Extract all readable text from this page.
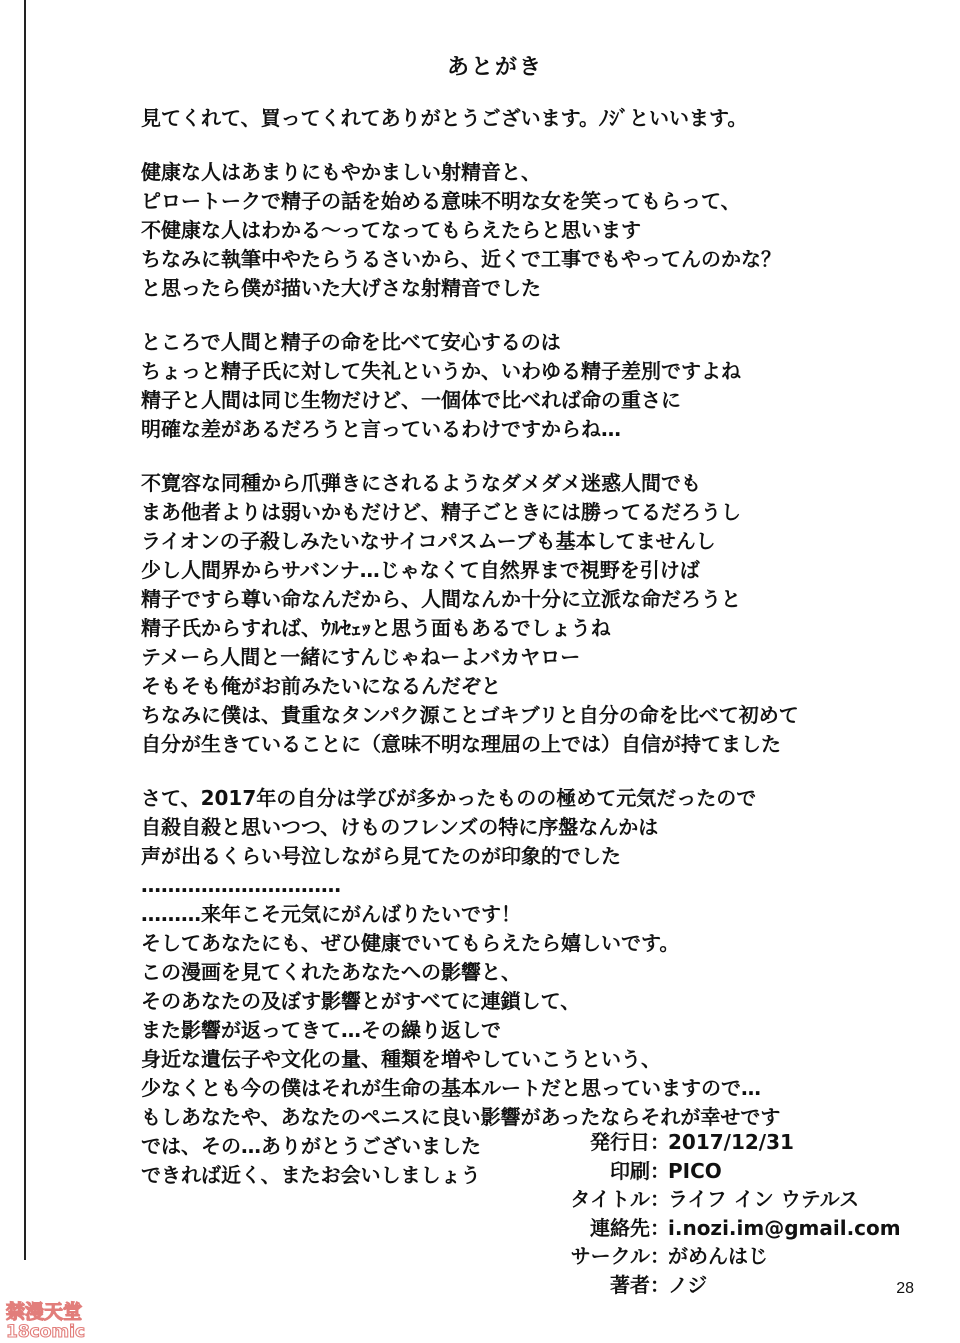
あとがき
見てくれて、買ってくれてありがとうございます。ﾉｼﾞといいます。
健康な人はあまりにもやかましい射精音と、
ピロートークで精子の話を始める意味不明な女を笑ってもらって、
不健康な人はわかる〜ってなってもらえたらと思います
ちなみに執筆中やたらうるさいから、近くで工事でもやってんのかな？
と思ったら僕が描いた大げさな射精音でした
ところで人間と精子の命を比べて安心するのは
ちょっと精子氏に対して失礼というか、いわゆる精子差別ですよね
精子と人間は同じ生物だけど、一個体で比べれば命の重さに
明確な差があるだろうと言っているわけですからね…
不寛容な同種から爪弾きにされるようなダメダメ迷惑人間でも
まあ他者よりは弱いかもだけど、精子ごときには勝ってるだろうし
ライオンの子殺しみたいなサイコパスムーブも基本してませんし
少し人間界からサバンナ…じゃなくて自然界まで視野を引けば
精子ですら尊い命なんだから、人間なんか十分に立派な命だろうと
精子氏からすれば、ｳﾙｾｪｯと思う面もあるでしょうね
テメーら人間と一緒にすんじゃねーよバカヤロー
そもそも俺がお前みたいになるんだぞと
ちなみに僕は、貴重なタンパク源ことゴキブリと自分の命を比べて初めて
自分が生きていることに（意味不明な理屈の上では）自信が持てました
さて、2017年の自分は学びが多かったものの極めて元気だったので
自殺自殺と思いつつ、けものフレンズの特に序盤なんかは
声が出るくらい号泣しながら見てたのが印象的でした
…………………………
………来年こそ元気にがんばりたいです！
そしてあなたにも、ぜひ健康でいてもらえたら嬉しいです。
この漫画を見てくれたあなたへの影響と、
そのあなたの及ぼす影響とがすべてに連鎖して、
また影響が返ってきて…その繰り返しで
身近な遺伝子や文化の量、種類を増やしていこうという、
少なくとも今の僕はそれが生命の基本ルートだと思っていますので…
もしあなたや、あなたのペニスに良い影響があったならそれが幸せです
では、その…ありがとうございました
できれば近く、またお会いしましょう
発行日 ：
2017/12/31
印刷 ：
PICO
タイトル ：
ライフ イン ウテルス
連絡先 ：
i.nozi.im@gmail.com
サークル ：
がめんはじ
著者 ：
ノジ	28
禁漫天堂
18comic
